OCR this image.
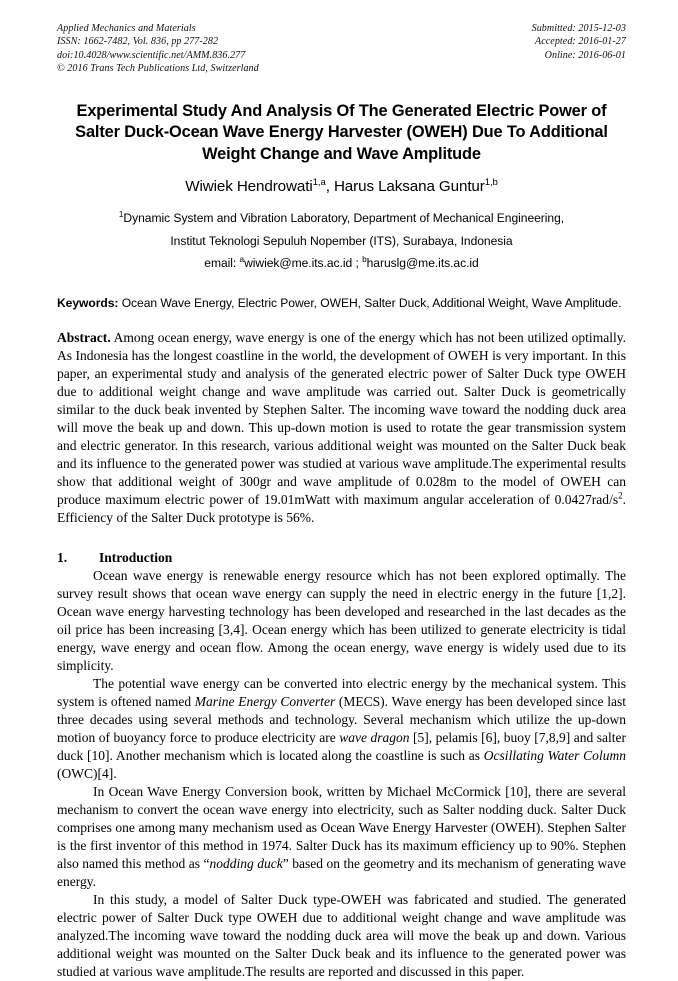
Applied Mechanics and Materials
ISSN: 1662-7482, Vol. 836, pp 277-282
doi:10.4028/www.scientific.net/AMM.836.277
© 2016 Trans Tech Publications Ltd, Switzerland
Submitted: 2015-12-03
Accepted: 2016-01-27
Online: 2016-06-01
Experimental Study And Analysis Of The Generated Electric Power of Salter Duck-Ocean Wave Energy Harvester (OWEH) Due To Additional Weight Change and Wave Amplitude
Wiwiek Hendrowati$^{1,a}$, Harus Laksana Guntur$^{1,b}$
$^1$Dynamic System and Vibration Laboratory, Department of Mechanical Engineering,
Institut Teknologi Sepuluh Nopember (ITS), Surabaya, Indonesia
email: $^a$wiwiek@me.its.ac.id ; $^b$haruslg@me.its.ac.id
Keywords: Ocean Wave Energy, Electric Power, OWEH, Salter Duck, Additional Weight, Wave Amplitude.
Abstract. Among ocean energy, wave energy is one of the energy which has not been utilized optimally. As Indonesia has the longest coastline in the world, the development of OWEH is very important. In this paper, an experimental study and analysis of the generated electric power of Salter Duck type OWEH due to additional weight change and wave amplitude was carried out. Salter Duck is geometrically similar to the duck beak invented by Stephen Salter. The incoming wave toward the nodding duck area will move the beak up and down. This up-down motion is used to rotate the gear transmission system and electric generator. In this research, various additional weight was mounted on the Salter Duck beak and its influence to the generated power was studied at various wave amplitude.The experimental results show that additional weight of 300gr and wave amplitude of 0.028m to the model of OWEH can produce maximum electric power of 19.01mWatt with maximum angular acceleration of $0.0427rad/s^2$. Efficiency of the Salter Duck prototype is 56%.
1.	Introduction

Ocean wave energy is renewable energy resource which has not been explored optimally. The survey result shows that ocean wave energy can supply the need in electric energy in the future [1,2]. Ocean wave energy harvesting technology has been developed and researched in the last decades as the oil price has been increasing [3,4]. Ocean energy which has been utilized to generate electricity is tidal energy, wave energy and ocean flow. Among the ocean energy, wave energy is widely used due to its simplicity.

The potential wave energy can be converted into electric energy by the mechanical system. This system is oftened named Marine Energy Converter (MECS). Wave energy has been developed since last three decades using several methods and technology. Several mechanism which utilize the up-down motion of buoyancy force to produce electricity are wave dragon [5], pelamis [6], buoy [7,8,9] and salter duck [10]. Another mechanism which is located along the coastline is such as Ocsillating Water Column (OWC)[4].

In Ocean Wave Energy Conversion book, written by Michael McCormick [10], there are several mechanism to convert the ocean wave energy into electricity, such as Salter nodding duck. Salter Duck comprises one among many mechanism used as Ocean Wave Energy Harvester (OWEH). Stephen Salter is the first inventor of this method in 1974. Salter Duck has its maximum efficiency up to 90%. Stephen also named this method as “nodding duck” based on the geometry and its mechanism of generating wave energy.

In this study, a model of Salter Duck type-OWEH was fabricated and studied. The generated electric power of Salter Duck type OWEH due to additional weight change and wave amplitude was analyzed.The incoming wave toward the nodding duck area will move the beak up and down. Various additional weight was mounted on the Salter Duck beak and its influence to the generated power was studied at various wave amplitude.The results are reported and discussed in this paper.
